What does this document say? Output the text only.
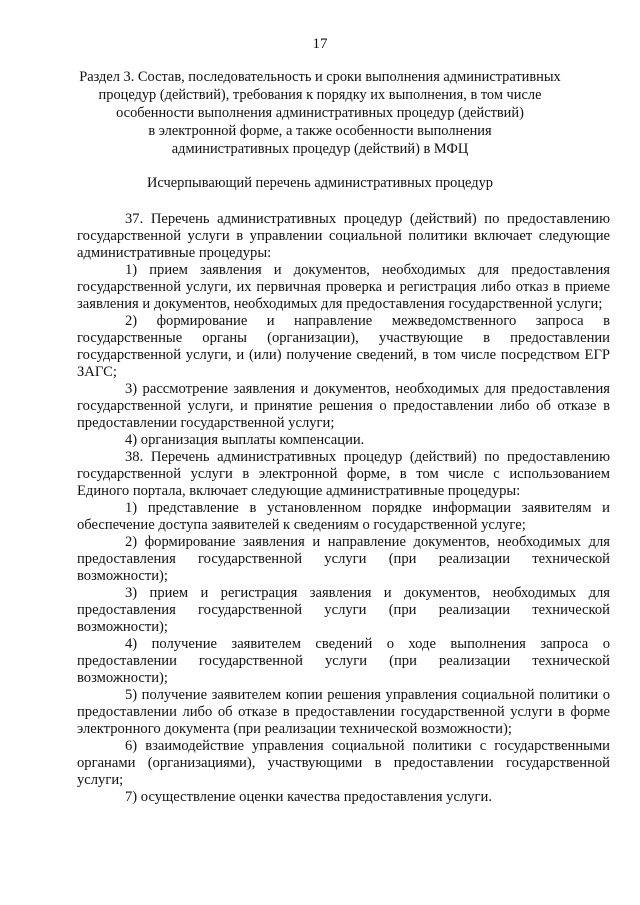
17
Раздел 3. Состав, последовательность и сроки выполнения административных
процедур (действий), требования к порядку их выполнения, в том числе
особенности выполнения административных процедур (действий)
в электронной форме, а также особенности выполнения
административных процедур (действий) в МФЦ
Исчерпывающий перечень административных процедур

37. Перечень административных процедур (действий) по предоставлению государственной услуги в управлении социальной политики включает следующие административные процедуры:

1) прием заявления и документов, необходимых для предоставления государственной услуги, их первичная проверка и регистрация либо отказ в приеме заявления и документов, необходимых для предоставления государственной услуги;

2) формирование и направление межведомственного запроса в государственные органы (организации), участвующие в предоставлении государственной услуги, и (или) получение сведений, в том числе посредством ЕГР ЗАГС;

3) рассмотрение заявления и документов, необходимых для предоставления государственной услуги, и принятие решения о предоставлении либо об отказе в предоставлении государственной услуги;

4) организация выплаты компенсации.

38. Перечень административных процедур (действий) по предоставлению государственной услуги в электронной форме, в том числе с использованием Единого портала, включает следующие административные процедуры:

1) представление в установленном порядке информации заявителям и обеспечение доступа заявителей к сведениям о государственной услуге;

2) формирование заявления и направление документов, необходимых для предоставления государственной услуги (при реализации технической возможности);

3) прием и регистрация заявления и документов, необходимых для предоставления государственной услуги (при реализации технической возможности);

4) получение заявителем сведений о ходе выполнения запроса о предоставлении государственной услуги (при реализации технической возможности);

5) получение заявителем копии решения управления социальной политики о предоставлении либо об отказе в предоставлении государственной услуги в форме электронного документа (при реализации технической возможности);

6) взаимодействие управления социальной политики с государственными органами (организациями), участвующими в предоставлении государственной услуги;

7) осуществление оценки качества предоставления услуги.
